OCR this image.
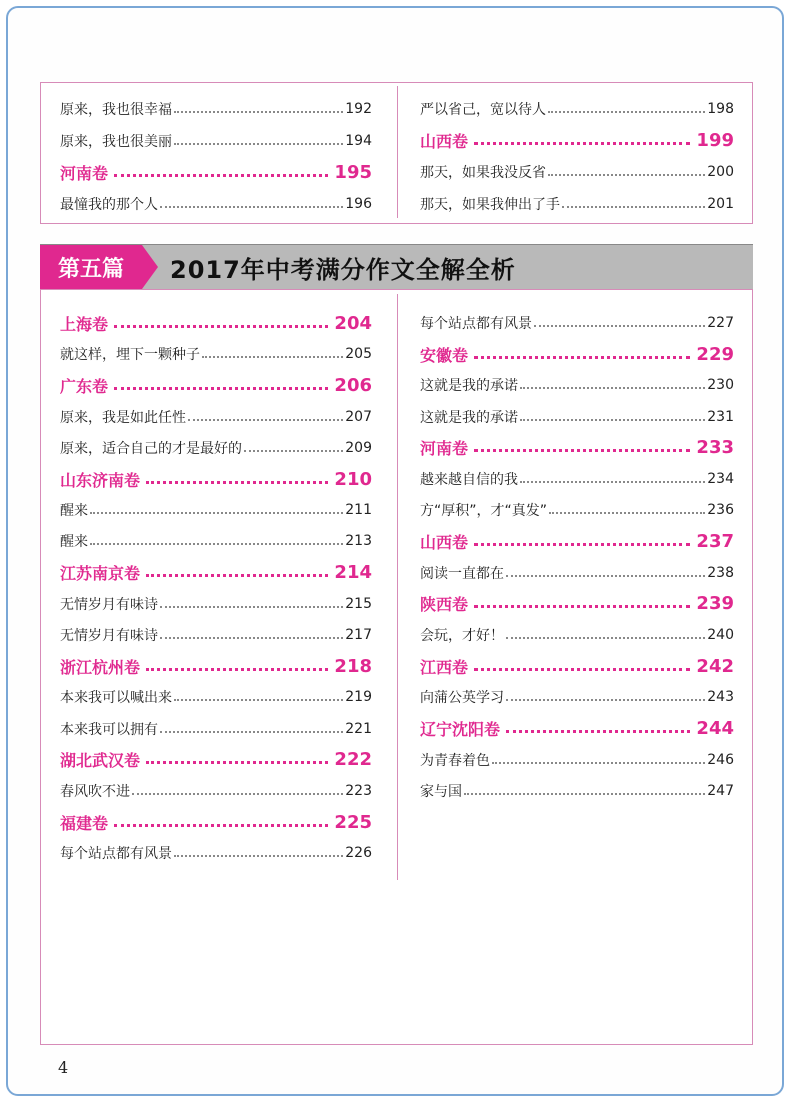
原来，我也很幸福	192
原来，我也很美丽	194
河南卷	195
最憧我的那个人	196
严以省己，宽以待人	198
山西卷	199
那天，如果我没反省	200
那天，如果我伸出了手	201
第五篇	2017年中考满分作文全解全析
上海卷	204
就这样，埋下一颗种子	205
广东卷	206
原来，我是如此任性	207
原来，适合自己的才是最好的	209
山东济南卷	210
醒来	211
醒来	213
江苏南京卷	214
无情岁月有味诗	215
无情岁月有味诗	217
浙江杭州卷	218
本来我可以喊出来	219
本来我可以拥有	221
湖北武汉卷	222
春风吹不进	223
福建卷	225
每个站点都有风景	226
每个站点都有风景	227
安徽卷	229
这就是我的承诺	230
这就是我的承诺	231
河南卷	233
越来越自信的我	234
方“厚积”，才“真发”	236
山西卷	237
阅读一直都在	238
陕西卷	239
会玩，才好！	240
江西卷	242
向蒲公英学习	243
辽宁沈阳卷	244
为青春着色	246
家与国	247
4
